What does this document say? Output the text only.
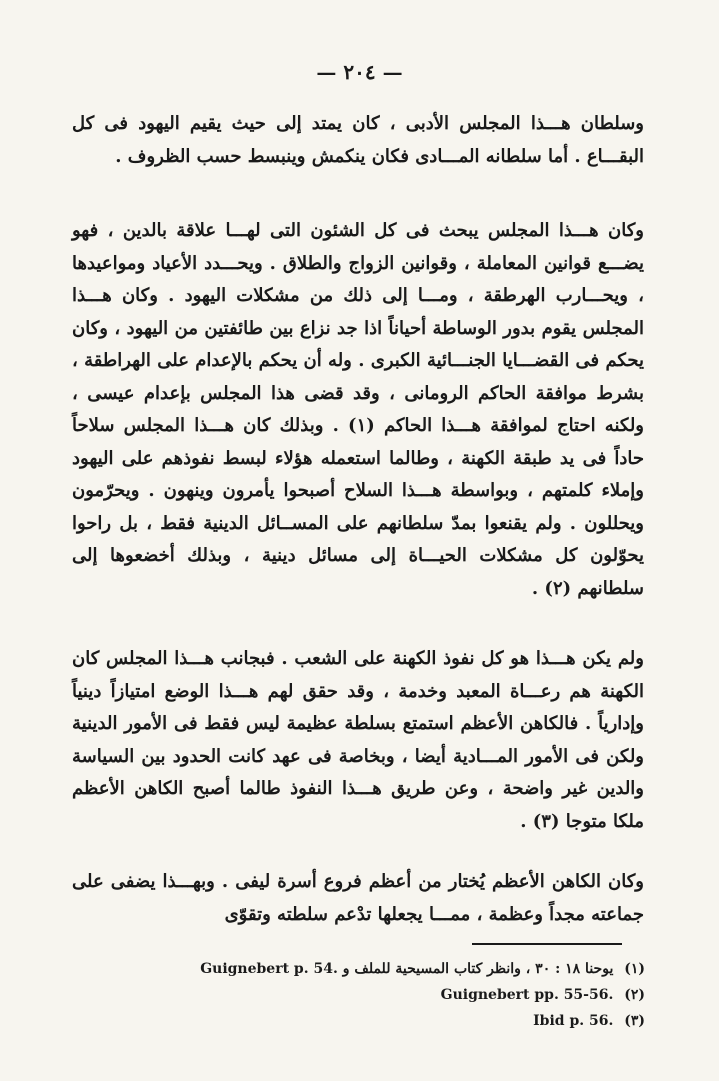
— ٢٠٤ —

وسلطان هـــذا المجلس الأدبى ، كان يمتد إلى حيث يقيم اليهود فى كل البقـــاع . أما سلطانه المـــادى فكان ينكمش وينبسط حسب الظروف .

وكان هـــذا المجلس يبحث فى كل الشئون التى لهـــا علاقة بالدين ، فهو يضـــع قوانين المعاملة ، وقوانين الزواج والطلاق . ويحـــدد الأعياد ومواعيدها ، ويحـــارب الهرطقة ، ومـــا إلى ذلك من مشكلات اليهود . وكان هـــذا المجلس يقوم بدور الوساطة أحياناً اذا جد نزاع بين طائفتين من اليهود ، وكان يحكم فى القضـــايا الجنـــائية الكبرى . وله أن يحكم بالإعدام على الهراطقة ، بشرط موافقة الحاكم الرومانى ، وقد قضى هذا المجلس بإعدام عيسى ، ولكنه احتاج لموافقة هـــذا الحاكم (١) . وبذلك كان هـــذا المجلس سلاحاً حاداً فى يد طبقة الكهنة ، وطالما استعمله هؤلاء لبسط نفوذهم على اليهود وإملاء كلمتهم ، وبواسطة هـــذا السلاح أصبحوا يأمرون وينهون . ويحرّمون ويحللون . ولم يقنعوا بمدّ سلطانهم على المســائل الدينية فقط ، بل راحوا يحوّلون كل مشكلات الحيـــاة إلى مسائل دينية ، وبذلك أخضعوها إلى سلطانهم (٢) .

ولم يكن هـــذا هو كل نفوذ الكهنة على الشعب . فبجانب هـــذا المجلس كان الكهنة هم رعـــاة المعبد وخدمة ، وقد حقق لهم هـــذا الوضع امتيازاً دينياً وإدارياً . فالكاهن الأعظم استمتع بسلطة عظيمة ليس فقط فى الأمور الدينية ولكن فى الأمور المـــادية أيضا ، وبخاصة فى عهد كانت الحدود بين السياسة والدين غير واضحة ، وعن طريق هـــذا النفوذ طالما أصبح الكاهن الأعظم ملكا متوجا (٣) .

وكان الكاهن الأعظم يُختار من أعظم فروع أسرة ليفى . وبهـــذا يضفى على جماعته مجداً وعظمة ، ممـــا يجعلها تدْعم سلطته وتقوّى

(١) يوحنا ١٨ : ٣٠ ، وانظر كتاب المسيحية للملف و Guignebert p. 54.

(٢) Guignebert pp. 55-56.

(٣) Ibid p. 56.
